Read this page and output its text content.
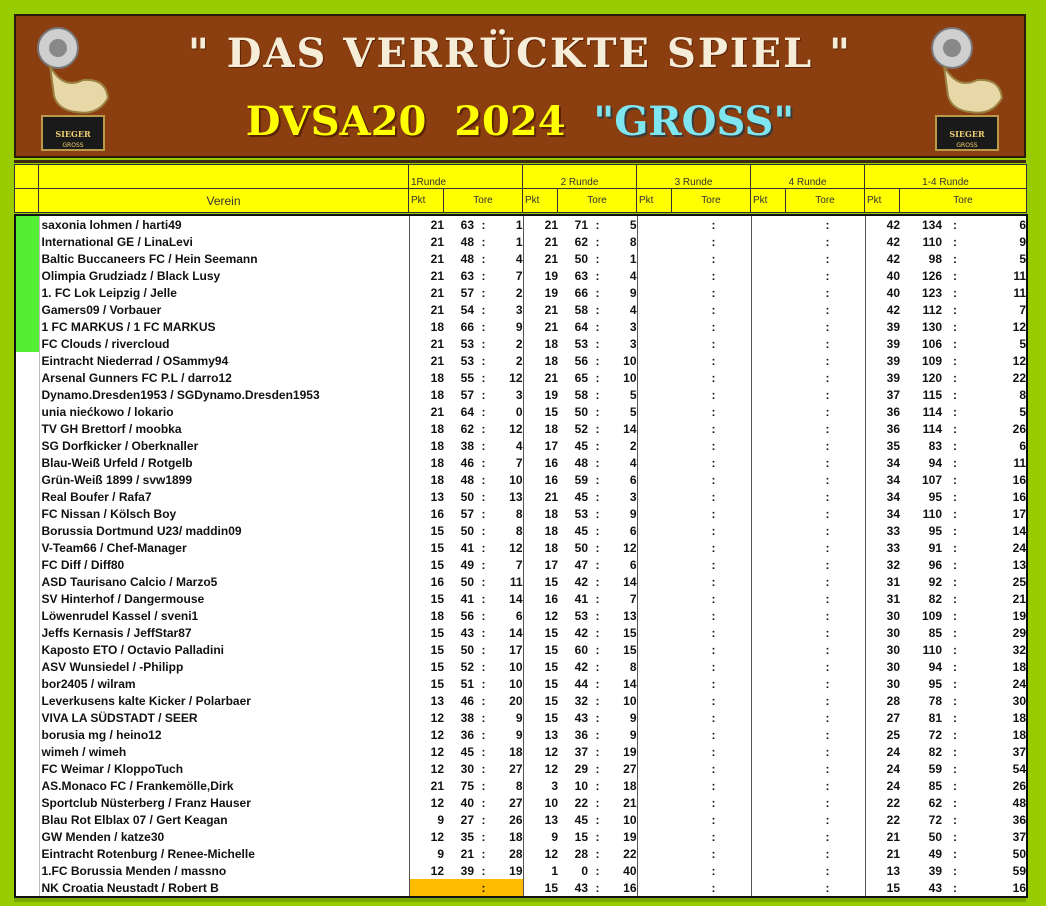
SIEGER
GROSS
SIEGER
GROSS
" DAS VERRÜCKTE SPIEL "
DVSA20 2024 "GROSS"
		1Runde		2 Runde		3 Runde		4 Runde		1-4 Runde	
	Verein	Pkt	Tore	Pkt	Tore	Pkt	Tore	Pkt	Tore	Pkt	Tore
	saxonia lohmen / harti49	21	63	:	1	21	71	:	5			:				:		42	134	:	6
	International GE / LinaLevi	21	48	:	1	21	62	:	8			:				:		42	110	:	9
	Baltic Buccaneers FC / Hein Seemann	21	48	:	4	21	50	:	1			:				:		42	98	:	5
	Olimpia Grudziadz / Black Lusy	21	63	:	7	19	63	:	4			:				:		40	126	:	11
	1. FC Lok Leipzig / Jelle	21	57	:	2	19	66	:	9			:				:		40	123	:	11
	Gamers09 / Vorbauer	21	54	:	3	21	58	:	4			:				:		42	112	:	7
	1 FC MARKUS / 1 FC MARKUS	18	66	:	9	21	64	:	3			:				:		39	130	:	12
	FC Clouds / rivercloud	21	53	:	2	18	53	:	3			:				:		39	106	:	5
	Eintracht Niederrad / OSammy94	21	53	:	2	18	56	:	10			:				:		39	109	:	12
	Arsenal Gunners FC P.L / darro12	18	55	:	12	21	65	:	10			:				:		39	120	:	22
	Dynamo.Dresden1953 / SGDynamo.Dresden1953	18	57	:	3	19	58	:	5			:				:		37	115	:	8
	unia niećkowo / lokario	21	64	:	0	15	50	:	5			:				:		36	114	:	5
	TV GH Brettorf / moobka	18	62	:	12	18	52	:	14			:				:		36	114	:	26
	SG Dorfkicker / Oberknaller	18	38	:	4	17	45	:	2			:				:		35	83	:	6
	Blau-Weiß Urfeld / Rotgelb	18	46	:	7	16	48	:	4			:				:		34	94	:	11
	Grün-Weiß 1899 / svw1899	18	48	:	10	16	59	:	6			:				:		34	107	:	16
	Real Boufer / Rafa7	13	50	:	13	21	45	:	3			:				:		34	95	:	16
	FC Nissan / Kölsch Boy	16	57	:	8	18	53	:	9			:				:		34	110	:	17
	Borussia Dortmund U23/ maddin09	15	50	:	8	18	45	:	6			:				:		33	95	:	14
	V-Team66 / Chef-Manager	15	41	:	12	18	50	:	12			:				:		33	91	:	24
	FC Diff / Diff80	15	49	:	7	17	47	:	6			:				:		32	96	:	13
	ASD Taurisano Calcio / Marzo5	16	50	:	11	15	42	:	14			:				:		31	92	:	25
	SV Hinterhof / Dangermouse	15	41	:	14	16	41	:	7			:				:		31	82	:	21
	Löwenrudel Kassel / sveni1	18	56	:	6	12	53	:	13			:				:		30	109	:	19
	Jeffs Kernasis / JeffStar87	15	43	:	14	15	42	:	15			:				:		30	85	:	29
	Kaposto ETO / Octavio Palladini	15	50	:	17	15	60	:	15			:				:		30	110	:	32
	ASV Wunsiedel / -Philipp	15	52	:	10	15	42	:	8			:				:		30	94	:	18
	bor2405 / wilram	15	51	:	10	15	44	:	14			:				:		30	95	:	24
	Leverkusens kalte Kicker / Polarbaer	13	46	:	20	15	32	:	10			:				:		28	78	:	30
	VIVA LA SÜDSTADT / SEER	12	38	:	9	15	43	:	9			:				:		27	81	:	18
	borusia mg / heino12	12	36	:	9	13	36	:	9			:				:		25	72	:	18
	wimeh / wimeh	12	45	:	18	12	37	:	19			:				:		24	82	:	37
	FC Weimar / KloppoTuch	12	30	:	27	12	29	:	27			:				:		24	59	:	54
	AS.Monaco FC / Frankemölle,Dirk	21	75	:	8	3	10	:	18			:				:		24	85	:	26
	Sportclub Nüsterberg / Franz Hauser	12	40	:	27	10	22	:	21			:				:		22	62	:	48
	Blau Rot Elblax 07 / Gert Keagan	9	27	:	26	13	45	:	10			:				:		22	72	:	36
	GW Menden / katze30	12	35	:	18	9	15	:	19			:				:		21	50	:	37
	Eintracht Rotenburg / Renee-Michelle	9	21	:	28	12	28	:	22			:				:		21	49	:	50
	1.FC Borussia Menden / massno	12	39	:	19	1	0	:	40			:				:		13	39	:	59
	NK Croatia Neustadt / Robert B			:		15	43	:	16			:				:		15	43	:	16
